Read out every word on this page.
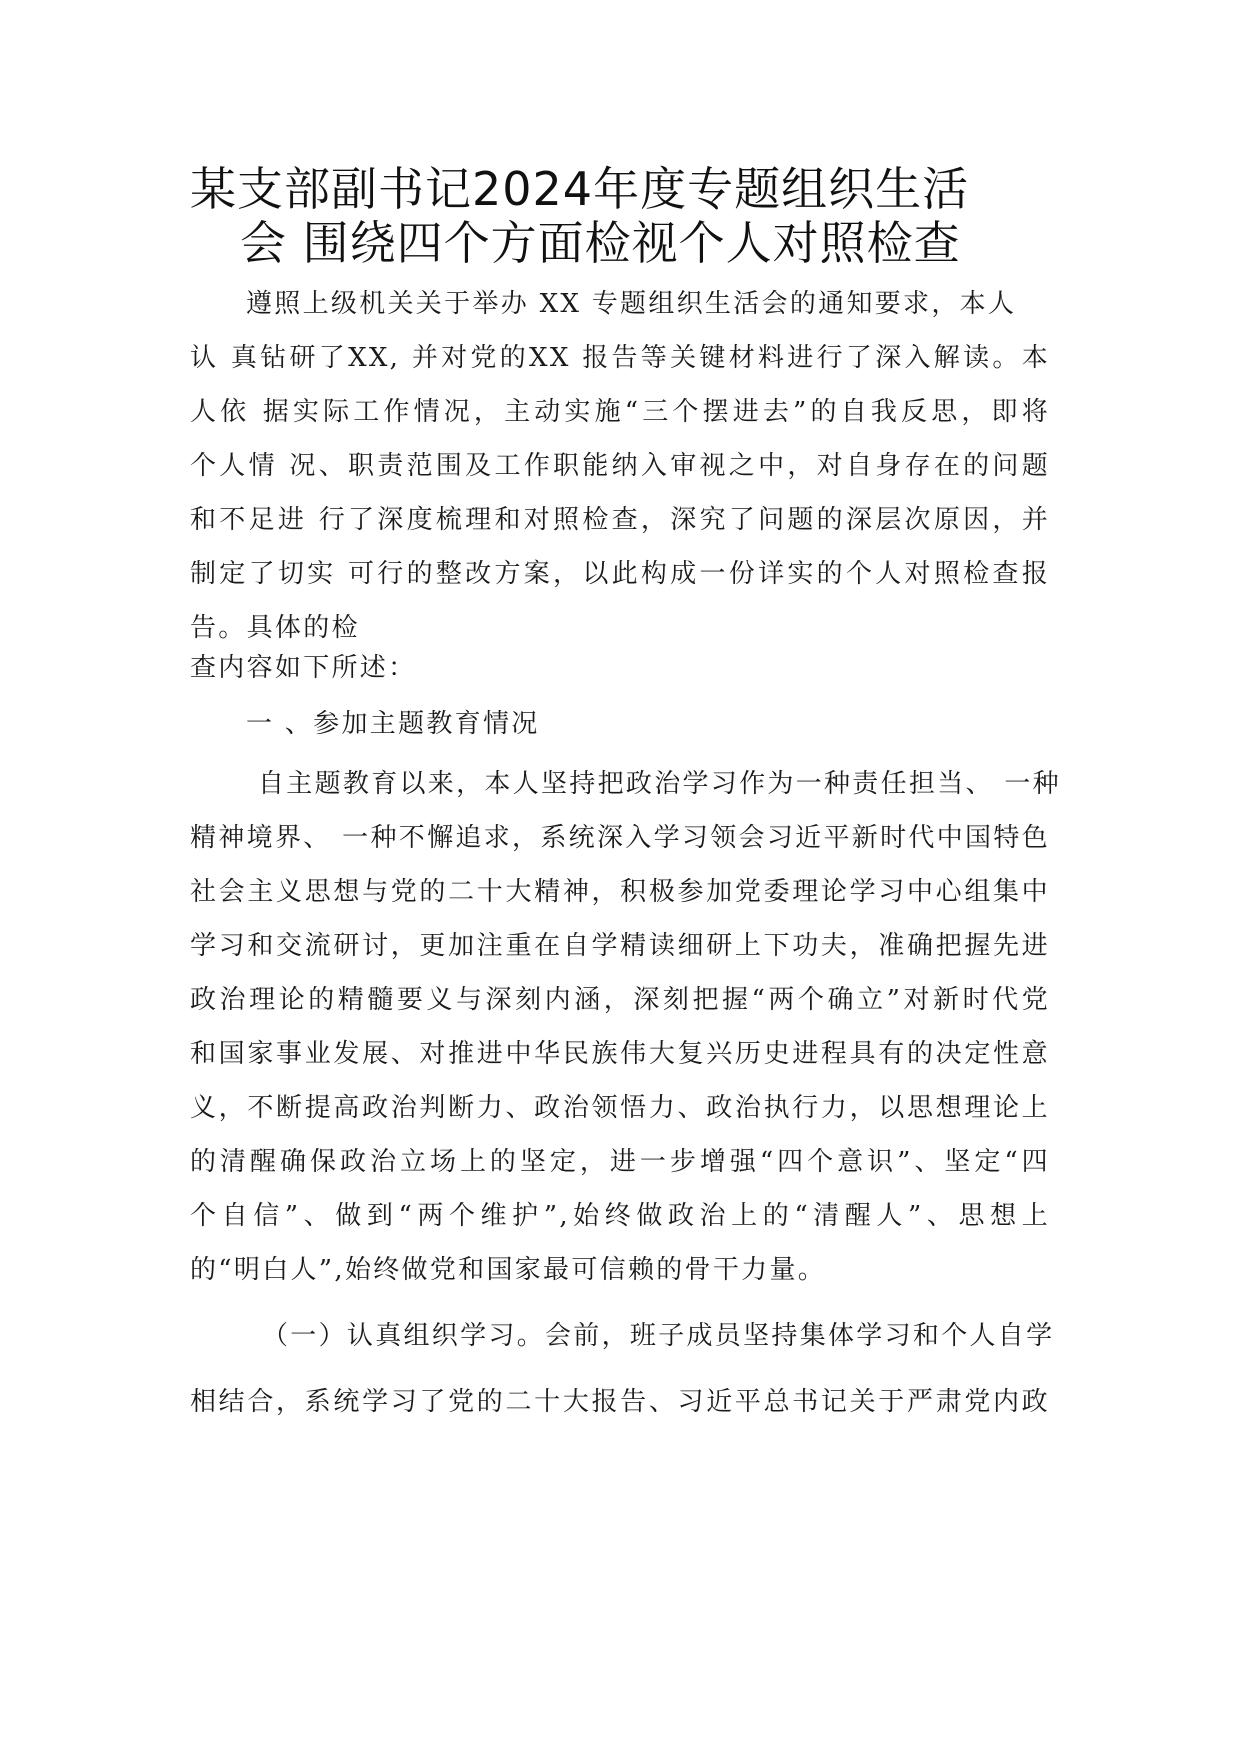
某支部副书记2024年度专题组织生活
会 围绕四个方面检视个人对照检查

遵照上级机关关于举办 XX 专题组织生活会的通知要求，本人

认 真钻研了XX, 并对党的XX 报告等关键材料进行了深入解读。本

人依 据实际工作情况，主动实施“三个摆进去”的自我反思，即将

个人情 况、职责范围及工作职能纳入审视之中，对自身存在的问题

和不足进 行了深度梳理和对照检查，深究了问题的深层次原因，并

制定了切实 可行的整改方案，以此构成一份详实的个人对照检查报

告。具体的检

查内容如下所述：

一 、参加主题教育情况

自主题教育以来，本人坚持把政治学习作为一种责任担当、 一种

精神境界、 一种不懈追求，系统深入学习领会习近平新时代中国特色

社会主义思想与党的二十大精神，积极参加党委理论学习中心组集中

学习和交流研讨，更加注重在自学精读细研上下功夫，准确把握先进

政治理论的精髓要义与深刻内涵，深刻把握“两个确立”对新时代党

和国家事业发展、对推进中华民族伟大复兴历史进程具有的决定性意

义，不断提高政治判断力、政治领悟力、政治执行力，以思想理论上

的清醒确保政治立场上的坚定，进一步增强“四个意识”、坚定“四

个自信”、做到“两个维护”,始终做政治上的“清醒人”、思想上

的“明白人”,始终做党和国家最可信赖的骨干力量。

（一）认真组织学习。会前，班子成员坚持集体学习和个人自学

相结合，系统学习了党的二十大报告、习近平总书记关于严肃党内政
